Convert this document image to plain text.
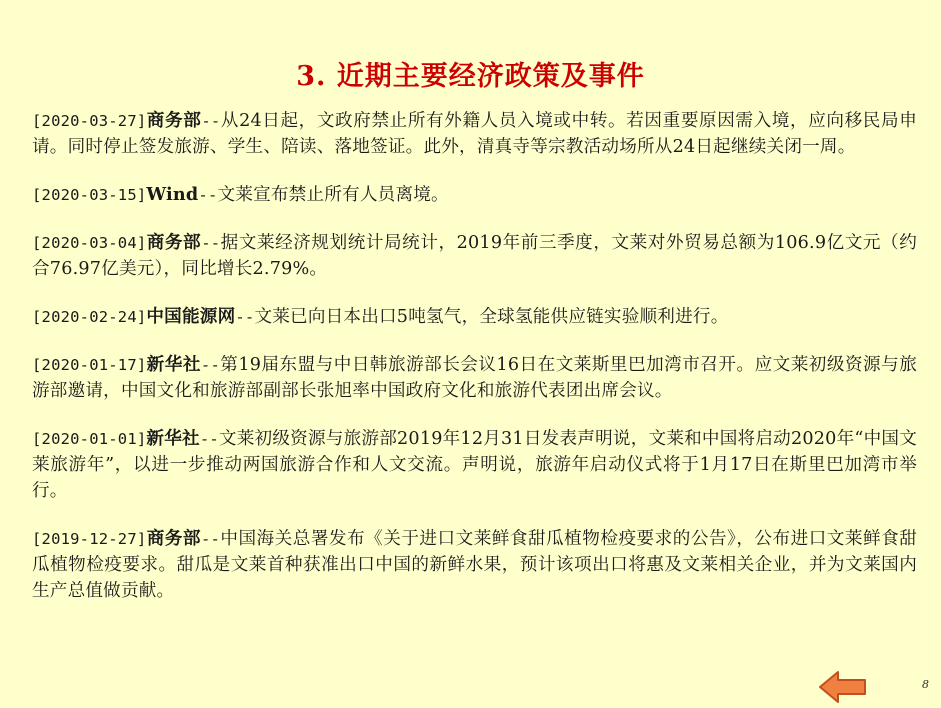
3. 近期主要经济政策及事件

[2020-03-27]商务部--从24日起，文政府禁止所有外籍人员入境或中转。若因重要原因需入境，应向移民局申请。同时停止签发旅游、学生、陪读、落地签证。此外，清真寺等宗教活动场所从24日起继续关闭一周。

[2020-03-15]Wind--文莱宣布禁止所有人员离境。

[2020-03-04]商务部--据文莱经济规划统计局统计，2019年前三季度，文莱对外贸易总额为106.9亿文元（约合76.97亿美元），同比增长2.79%。

[2020-02-24]中国能源网--文莱已向日本出口5吨氢气，全球氢能供应链实验顺利进行。

[2020-01-17]新华社--第19届东盟与中日韩旅游部长会议16日在文莱斯里巴加湾市召开。应文莱初级资源与旅游部邀请，中国文化和旅游部副部长张旭率中国政府文化和旅游代表团出席会议。

[2020-01-01]新华社--文莱初级资源与旅游部2019年12月31日发表声明说，文莱和中国将启动2020年“中国文莱旅游年”，以进一步推动两国旅游合作和人文交流。声明说，旅游年启动仪式将于1月17日在斯里巴加湾市举行。

[2019-12-27]商务部--中国海关总署发布《关于进口文莱鲜食甜瓜植物检疫要求的公告》，公布进口文莱鲜食甜瓜植物检疫要求。甜瓜是文莱首种获准出口中国的新鲜水果，预计该项出口将惠及文莱相关企业，并为文莱国内生产总值做贡献。

8
